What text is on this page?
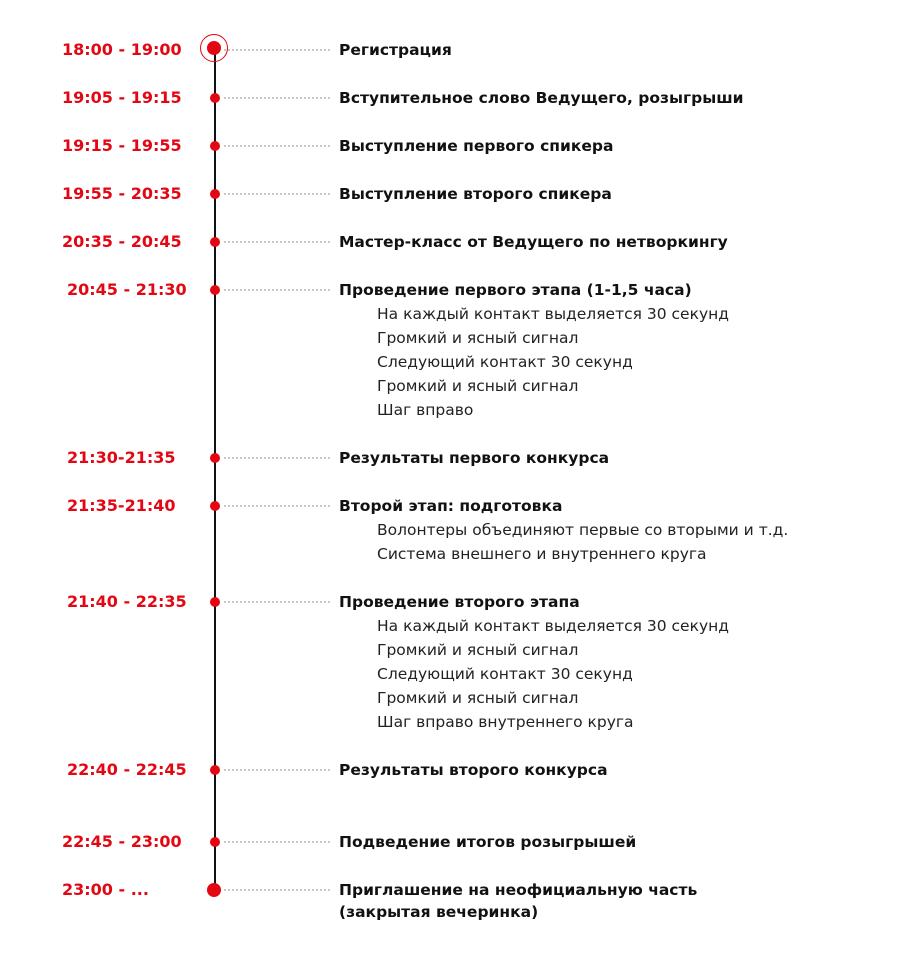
18:00 - 19:00	Регистрация
19:05 - 19:15	Вступительное слово Ведущего, розыгрыши
19:15 - 19:55	Выступление первого спикера
19:55 - 20:35	Выступление второго спикера
20:35 - 20:45	Мастер-класс от Ведущего по нетворкингу
20:45 - 21:30	Проведение первого этапа (1-1,5 часа)
На каждый контакт выделяется 30 секунд
Громкий и ясный сигнал
Следующий контакт 30 секунд
Громкий и ясный сигнал
Шаг вправо
21:30-21:35	Результаты первого конкурса
21:35-21:40	Второй этап: подготовка
Волонтеры объединяют первые со вторыми и т.д.
Система внешнего и внутреннего круга
21:40 - 22:35	Проведение второго этапа
На каждый контакт выделяется 30 секунд
Громкий и ясный сигнал
Следующий контакт 30 секунд
Громкий и ясный сигнал
Шаг вправо внутреннего круга
22:40 - 22:45	Результаты второго конкурса
22:45 - 23:00	Подведение итогов розыгрышей
23:00 - ...	Приглашение на неофициальную часть
(закрытая вечеринка)
